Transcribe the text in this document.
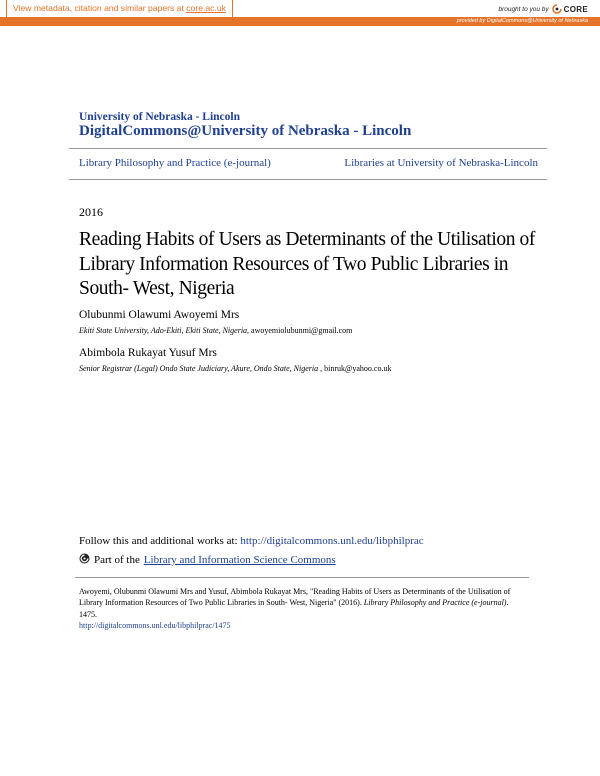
View metadata, citation and similar papers at core.ac.uk	brought to you by CORE
provided by DigitalCommons@University of Nebraska
University of Nebraska - Lincoln
DigitalCommons@University of Nebraska - Lincoln
Library Philosophy and Practice (e-journal)	Libraries at University of Nebraska-Lincoln
2016
Reading Habits of Users as Determinants of the Utilisation of Library Information Resources of Two Public Libraries in South- West, Nigeria
Olubunmi Olawumi Awoyemi Mrs
Ekiti State University, Ado-Ekiti, Ekiti State, Nigeria, awoyemiolubunmi@gmail.com
Abimbola Rukayat Yusuf Mrs
Senior Registrar (Legal) Ondo State Judiciary, Akure, Ondo State, Nigeria , binruk@yahoo.co.uk
Follow this and additional works at: http://digitalcommons.unl.edu/libphilprac
Part of the Library and Information Science Commons
Awoyemi, Olubunmi Olawumi Mrs and Yusuf, Abimbola Rukayat Mrs, "Reading Habits of Users as Determinants of the Utilisation of Library Information Resources of Two Public Libraries in South- West, Nigeria" (2016). Library Philosophy and Practice (e-journal). 1475.
http://digitalcommons.unl.edu/libphilprac/1475
